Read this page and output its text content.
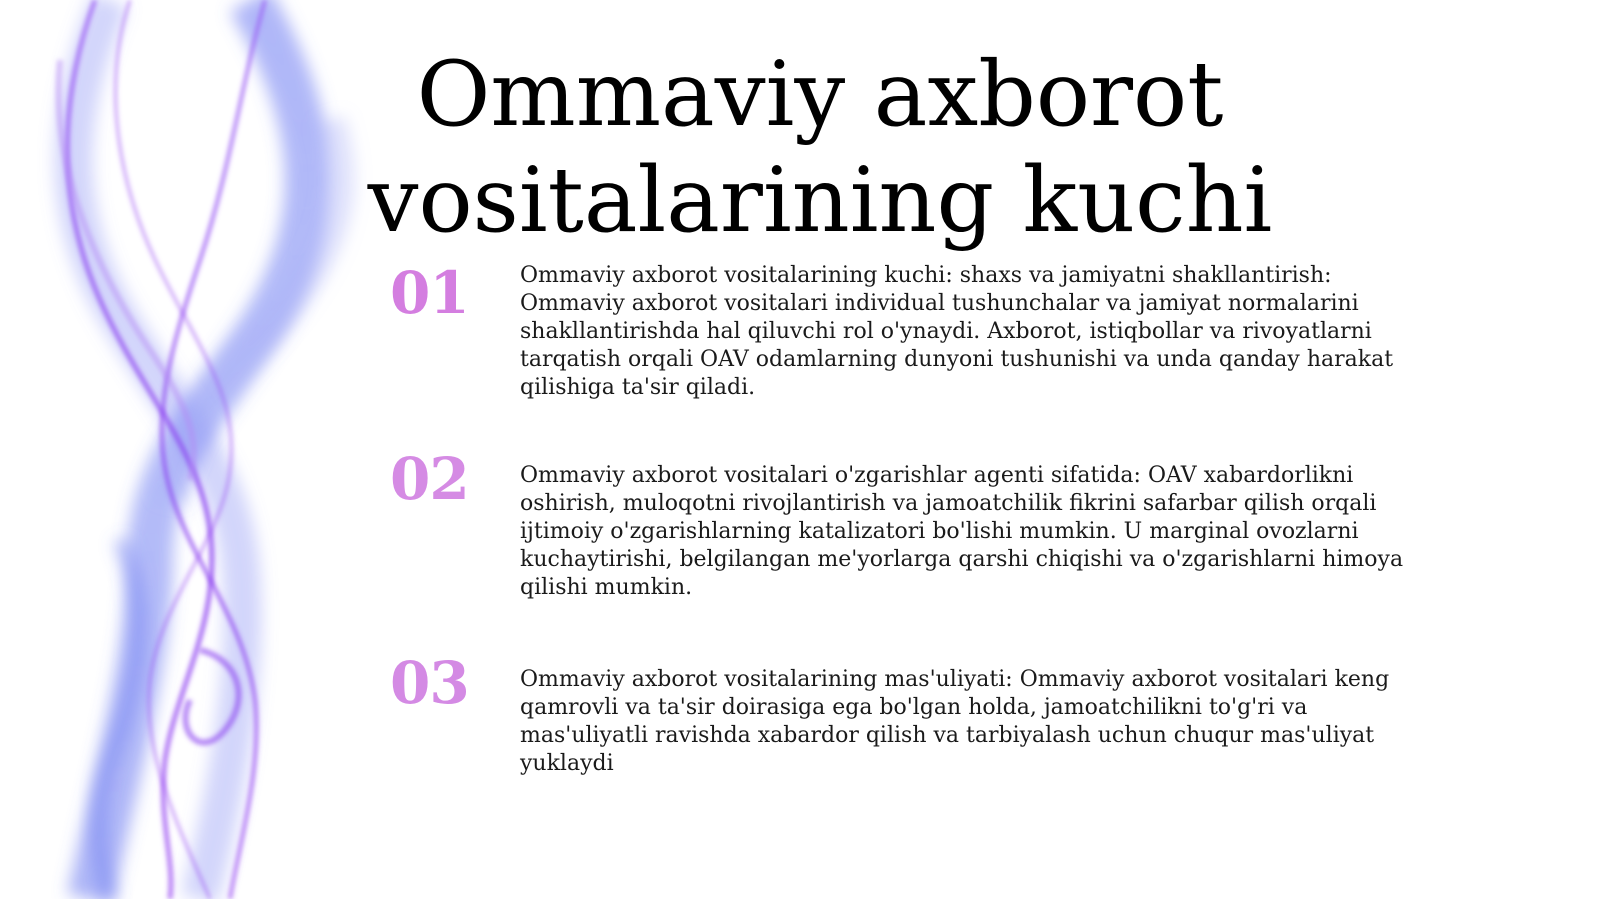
Ommaviy axborot vositalarining kuchi
01	Ommaviy axborot vositalarining kuchi: shaxs va jamiyatni shakllantirish: Ommaviy axborot vositalari individual tushunchalar va jamiyat normalarini shakllantirishda hal qiluvchi rol o'ynaydi. Axborot, istiqbollar va rivoyatlarni tarqatish orqali OAV odamlarning dunyoni tushunishi va unda qanday harakat qilishiga ta'sir qiladi.

02	Ommaviy axborot vositalari o'zgarishlar agenti sifatida: OAV xabardorlikni oshirish, muloqotni rivojlantirish va jamoatchilik fikrini safarbar qilish orqali ijtimoiy o'zgarishlarning katalizatori bo'lishi mumkin. U marginal ovozlarni kuchaytirishi, belgilangan me'yorlarga qarshi chiqishi va o'zgarishlarni himoya qilishi mumkin.

03	Ommaviy axborot vositalarining mas'uliyati: Ommaviy axborot vositalari keng qamrovli va ta'sir doirasiga ega bo'lgan holda, jamoatchilikni to'g'ri va mas'uliyatli ravishda xabardor qilish va tarbiyalash uchun chuqur mas'uliyat yuklaydi
